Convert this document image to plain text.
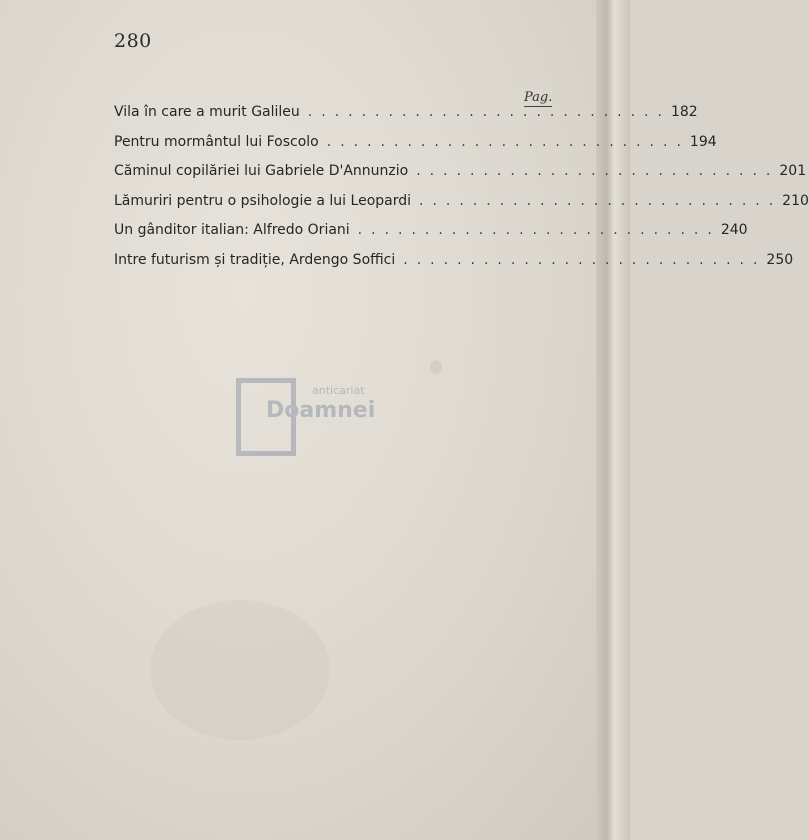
280
Pag.
Vila în care a murit Galileu ........................... 182
Pentru mormântul lui Foscolo ........................... 194
Căminul copilăriei lui Gabriele D'Annunzio ........................... 201
Lămuriri pentru o psihologie a lui Leopardi ........................... 210
Un gânditor italian: Alfredo Oriani ........................... 240
Intre futurism și tradiție, Ardengo Soffici ........................... 250
anticariat
Doamnei
